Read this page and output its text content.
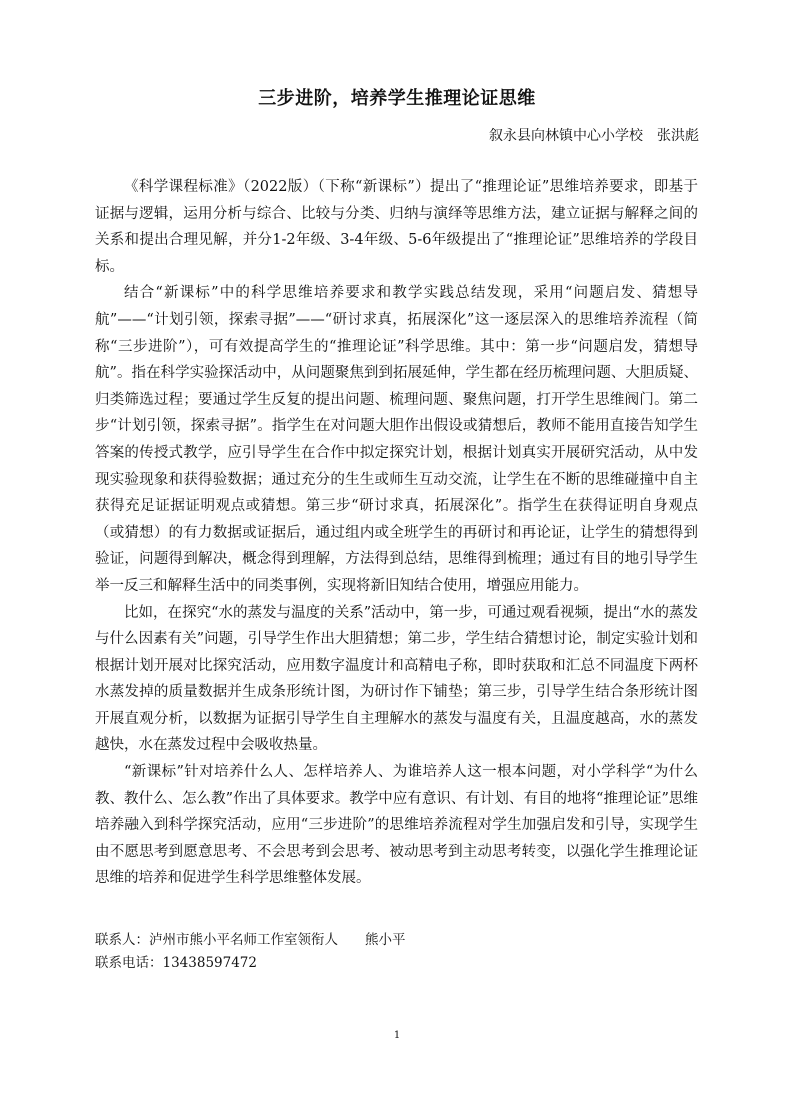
三步进阶，培养学生推理论证思维
叙永县向林镇中心小学校　张洪彪

《科学课程标准》（2022版）（下称“新课标”）提出了“推理论证”思维培养要求，即基于证据与逻辑，运用分析与综合、比较与分类、归纳与演绎等思维方法，建立证据与解释之间的关系和提出合理见解，并分1-2年级、3-4年级、5-6年级提出了“推理论证”思维培养的学段目标。

结合“新课标”中的科学思维培养要求和教学实践总结发现，采用“问题启发、猜想导航”——“计划引领，探索寻据”——“研讨求真，拓展深化”这一逐层深入的思维培养流程（简称“三步进阶”），可有效提高学生的“推理论证”科学思维。其中：第一步“问题启发，猜想导航”。指在科学实验探活动中，从问题聚焦到到拓展延伸，学生都在经历梳理问题、大胆质疑、归类筛选过程；要通过学生反复的提出问题、梳理问题、聚焦问题，打开学生思维阀门。第二步“计划引领，探索寻据”。指学生在对问题大胆作出假设或猜想后，教师不能用直接告知学生答案的传授式教学，应引导学生在合作中拟定探究计划，根据计划真实开展研究活动，从中发现实验现象和获得验数据；通过充分的生生或师生互动交流，让学生在不断的思维碰撞中自主获得充足证据证明观点或猜想。第三步“研讨求真，拓展深化”。指学生在获得证明自身观点（或猜想）的有力数据或证据后，通过组内或全班学生的再研讨和再论证，让学生的猜想得到验证，问题得到解决，概念得到理解，方法得到总结，思维得到梳理；通过有目的地引导学生举一反三和解释生活中的同类事例，实现将新旧知结合使用，增强应用能力。

比如，在探究“水的蒸发与温度的关系”活动中，第一步，可通过观看视频，提出“水的蒸发与什么因素有关”问题，引导学生作出大胆猜想；第二步，学生结合猜想讨论，制定实验计划和根据计划开展对比探究活动，应用数字温度计和高精电子称，即时获取和汇总不同温度下两杯水蒸发掉的质量数据并生成条形统计图，为研讨作下铺垫；第三步，引导学生结合条形统计图开展直观分析，以数据为证据引导学生自主理解水的蒸发与温度有关，且温度越高，水的蒸发越快，水在蒸发过程中会吸收热量。

“新课标”针对培养什么人、怎样培养人、为谁培养人这一根本问题，对小学科学“为什么教、教什么、怎么教”作出了具体要求。教学中应有意识、有计划、有目的地将“推理论证”思维培养融入到科学探究活动，应用“三步进阶”的思维培养流程对学生加强启发和引导，实现学生由不愿思考到愿意思考、不会思考到会思考、被动思考到主动思考转变，以强化学生推理论证思维的培养和促进学生科学思维整体发展。

联系人：泸州市熊小平名师工作室领衔人　　熊小平
联系电话：13438597472
1
